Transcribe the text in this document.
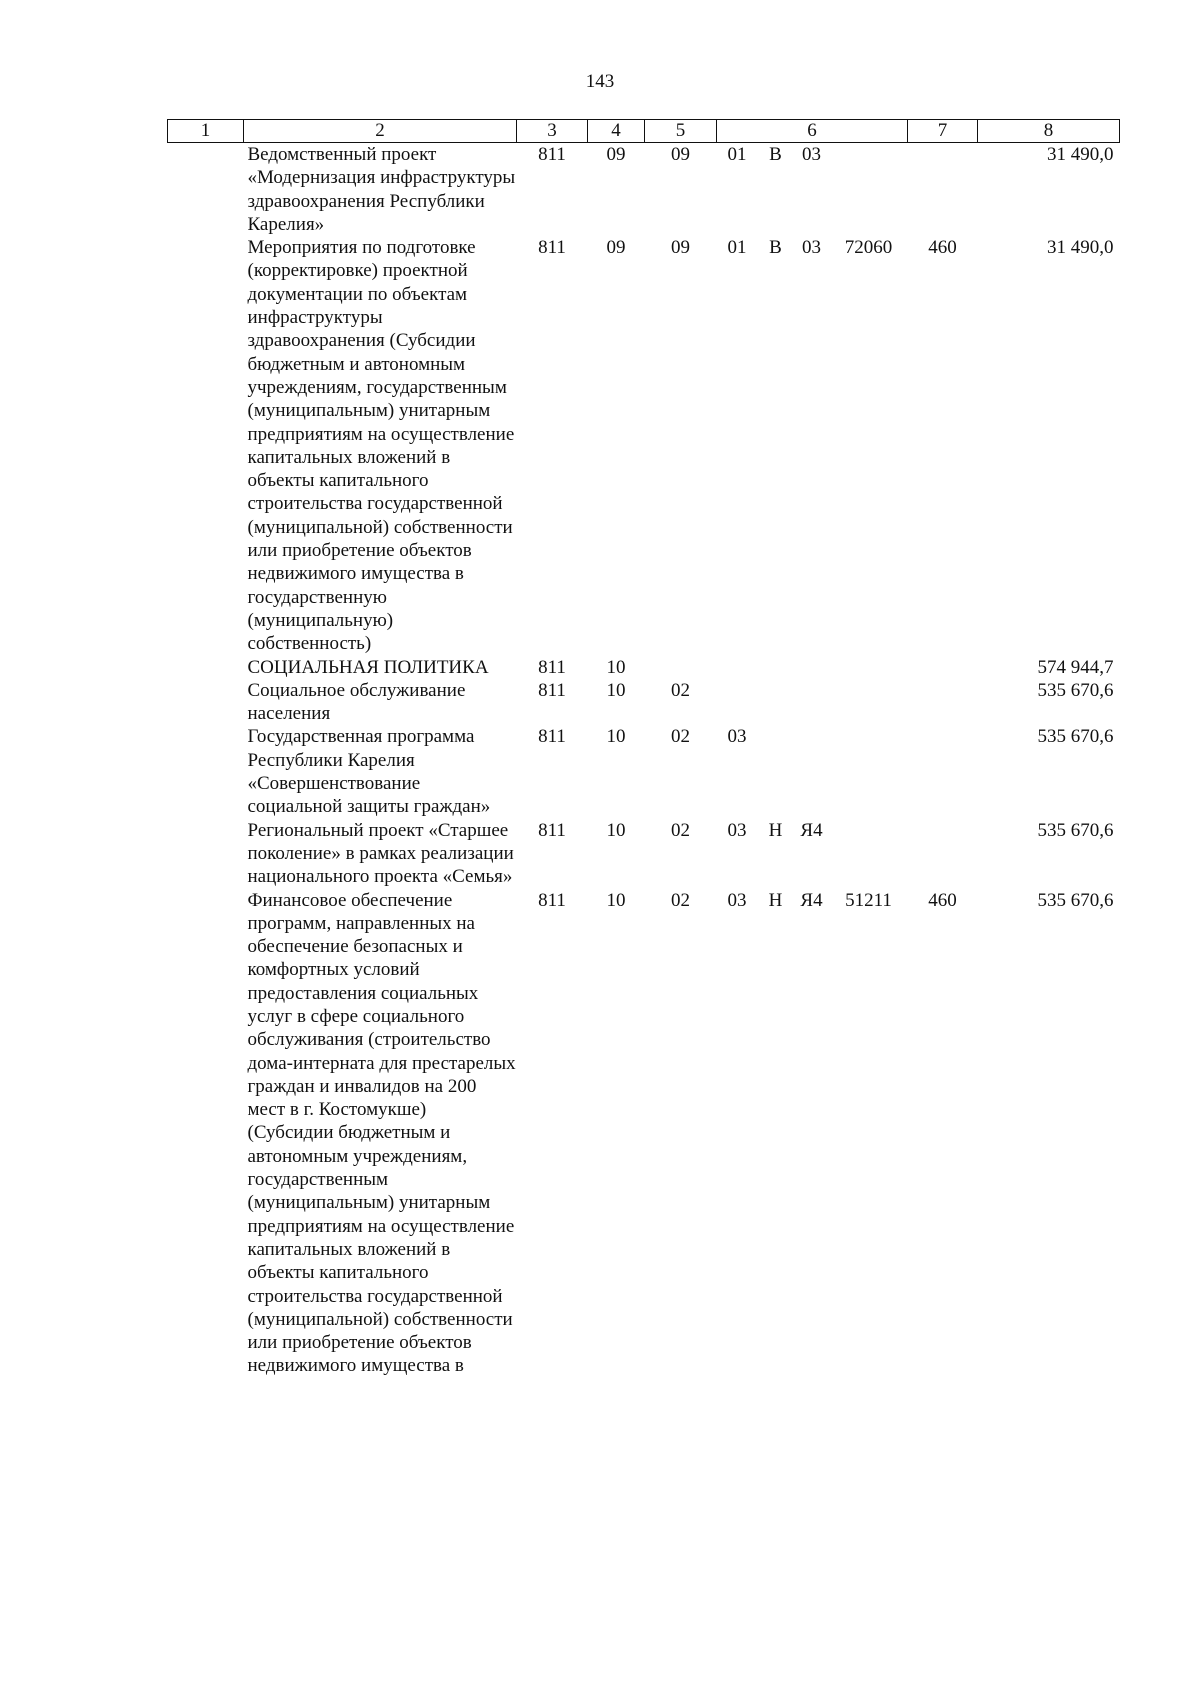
143
1	2	3	4	5	6				7	8
	Ведомственный проект «Модернизация инфраструктуры здравоохранения Республики Карелия»	811	09	09	01	В	03			31 490,0
	Мероприятия по подготовке (корректировке) проектной документации по объектам инфраструктуры здравоохранения (Субсидии бюджетным и автономным учреждениям, государственным (муниципальным) унитарным предприятиям на осуществление капитальных вложений в объекты капитального строительства государственной (муниципальной) собственности или приобретение объектов недвижимого имущества в государственную (муниципальную) собственность)	811	09	09	01	В	03	72060	460	31 490,0
	СОЦИАЛЬНАЯ ПОЛИТИКА	811	10							574 944,7
	Социальное обслуживание населения	811	10	02						535 670,6
	Государственная программа Республики Карелия «Совершенствование социальной защиты граждан»	811	10	02	03					535 670,6
	Региональный проект «Старшее поколение» в рамках реализации национального проекта «Семья»	811	10	02	03	Н	Я4			535 670,6
	Финансовое обеспечение программ, направленных на обеспечение безопасных и комфортных условий предоставления социальных услуг в сфере социального обслуживания (строительство дома-интерната для престарелых граждан и инвалидов на 200 мест в г. Костомукше) (Субсидии бюджетным и автономным учреждениям, государственным (муниципальным) унитарным предприятиям на осуществление капитальных вложений в объекты капитального строительства государственной (муниципальной) собственности или приобретение объектов недвижимого имущества в	811	10	02	03	Н	Я4	51211	460	535 670,6
